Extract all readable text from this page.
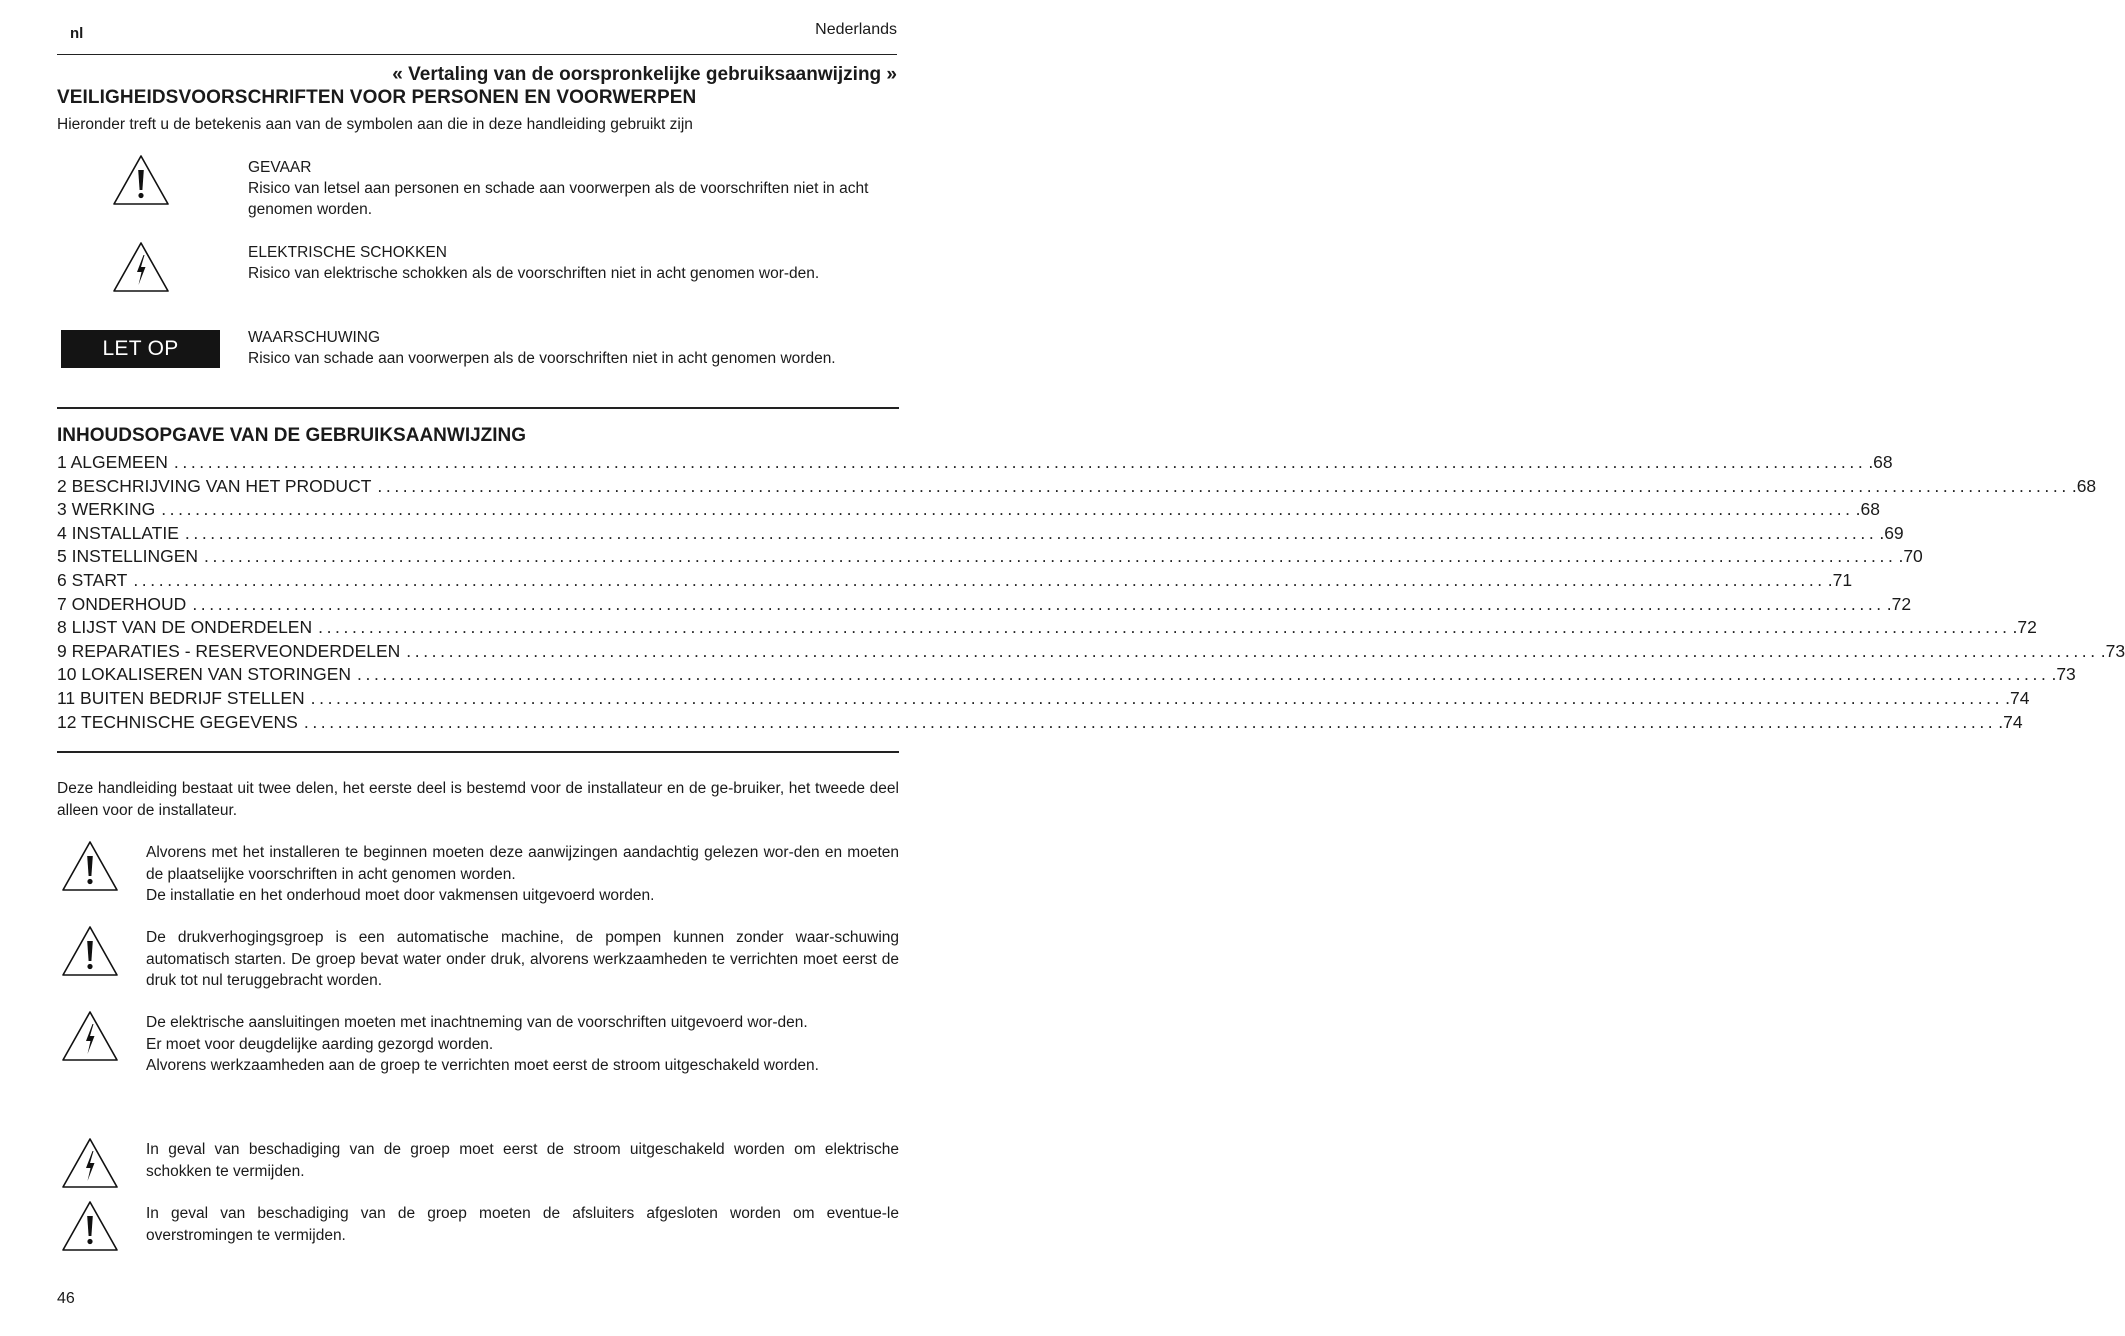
nl	Nederlands
« Vertaling van de oorspronkelijke gebruiksaanwijzing »
VEILIGHEIDSVOORSCHRIFTEN VOOR PERSONEN EN VOORWERPEN
Hieronder treft u de betekenis aan van de symbolen aan die in deze handleiding gebruikt zijn
GEVAAR
Risico van letsel aan personen en schade aan voorwerpen als de voorschriften niet in acht genomen worden.
ELEKTRISCHE SCHOKKEN
Risico van elektrische schokken als de voorschriften niet in acht genomen wor-den.
LET OP	WAARSCHUWING
Risico van schade aan voorwerpen als de voorschriften niet in acht genomen worden.
INHOUDSOPGAVE VAN DE GEBRUIKSAANWIJZING
1 ALGEMEEN ........................................................................................................................................................................................................ .68
2 BESCHRIJVING VAN HET PRODUCT ........................................................................................................................................................................................................ .68
3 WERKING ........................................................................................................................................................................................................ .68
4 INSTALLATIE ........................................................................................................................................................................................................ .69
5 INSTELLINGEN ........................................................................................................................................................................................................ .70
6 START ........................................................................................................................................................................................................ .71
7 ONDERHOUD ........................................................................................................................................................................................................ .72
8 LIJST VAN DE ONDERDELEN ........................................................................................................................................................................................................ .72
9 REPARATIES - RESERVEONDERDELEN ........................................................................................................................................................................................................ .73
10 LOKALISEREN VAN STORINGEN ........................................................................................................................................................................................................ .73
11 BUITEN BEDRIJF STELLEN ........................................................................................................................................................................................................ .74
12 TECHNISCHE GEGEVENS ........................................................................................................................................................................................................ .74
Deze handleiding bestaat uit twee delen, het eerste deel is bestemd voor de installateur en de ge-bruiker, het tweede deel alleen voor de installateur.
Alvorens met het installeren te beginnen moeten deze aanwijzingen aandachtig gelezen wor-den en moeten de plaatselijke voorschriften in acht genomen worden.
De installatie en het onderhoud moet door vakmensen uitgevoerd worden.
De drukverhogingsgroep is een automatische machine, de pompen kunnen zonder waar-schuwing automatisch starten. De groep bevat water onder druk, alvorens werkzaamheden te verrichten moet eerst de druk tot nul teruggebracht worden.
De elektrische aansluitingen moeten met inachtneming van de voorschriften uitgevoerd wor-den.
Er moet voor deugdelijke aarding gezorgd worden.
Alvorens werkzaamheden aan de groep te verrichten moet eerst de stroom uitgeschakeld worden.
In geval van beschadiging van de groep moet eerst de stroom uitgeschakeld worden om elektrische schokken te vermijden.
In geval van beschadiging van de groep moeten de afsluiters afgesloten worden om eventue-le overstromingen te vermijden.
46
